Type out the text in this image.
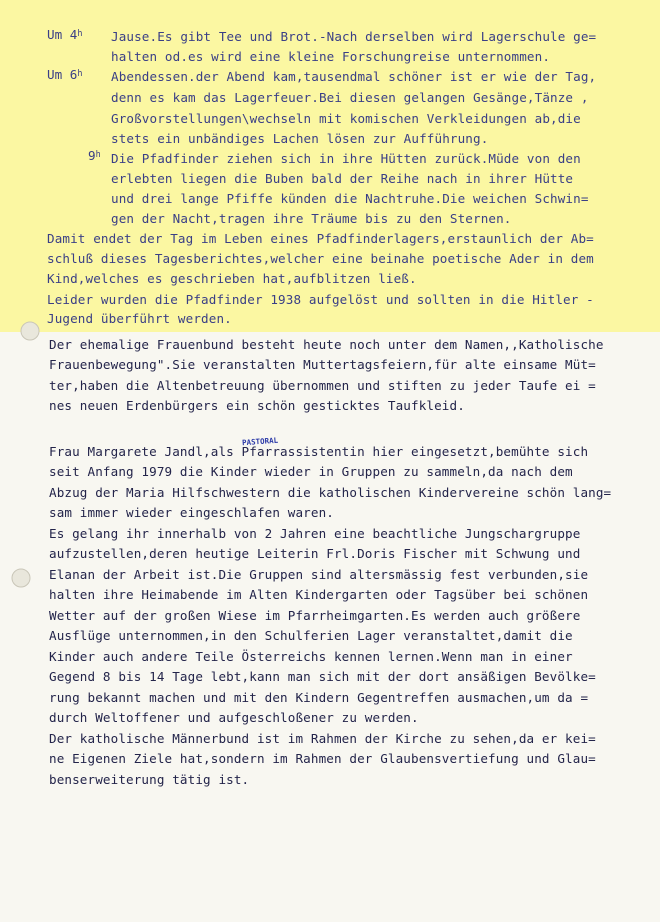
Um 4$^h$ Jause.Es gibt Tee und Brot.-Nach derselben wird Lagerschule ge=
halten od.es wird eine kleine Forschungreise unternommen.
Um 6$^h$ Abendessen.der Abend kam,tausendmal schöner ist er wie der Tag,
denn es kam das Lagerfeuer.Bei diesen gelangen Gesänge,Tänze ,
Großvorstellungen\wechseln mit komischen Verkleidungen ab,die
stets ein unbändiges Lachen lösen zur Aufführung.
9$^h$ Die Pfadfinder ziehen sich in ihre Hütten zurück.Müde von den
erlebten liegen die Buben bald der Reihe nach in ihrer Hütte
und drei lange Pfiffe künden die Nachtruhe.Die weichen Schwin=
gen der Nacht,tragen ihre Träume bis zu den Sternen.
Damit endet der Tag im Leben eines Pfadfinderlagers,erstaunlich der Ab=
schluß dieses Tagesberichtes,welcher eine beinahe poetische Ader in dem
Kind,welches es geschrieben hat,aufblitzen ließ.
Leider wurden die Pfadfinder 1938 aufgelöst und sollten in die Hitler -
Jugend überführt werden.
Der ehemalige Frauenbund besteht heute noch unter dem Namen,,Katholische
Frauenbewegung".Sie veranstalten Muttertagsfeiern,für alte einsame Müt=
ter,haben die Altenbetreuung übernommen und stiften zu jeder Taufe ei =
nes neuen Erdenbürgers ein schön gesticktes Taufkleid.
Frau Margarete Jandl,als Pfarrassistentin hier eingesetzt,bemühte sich
seit Anfang 1979 die Kinder wieder in Gruppen zu sammeln,da nach dem
Abzug der Maria Hilfschwestern die katholischen Kindervereine schön lang=
sam immer wieder eingeschlafen waren.
Es gelang ihr innerhalb von 2 Jahren eine beachtliche Jungschargruppe
aufzustellen,deren heutige Leiterin Frl.Doris Fischer mit Schwung und
Elanan der Arbeit ist.Die Gruppen sind altersmässig fest verbunden,sie
halten ihre Heimabende im Alten Kindergarten oder Tagsüber bei schönen
Wetter auf der großen Wiese im Pfarrheimgarten.Es werden auch größere
Ausflüge unternommen,in den Schulferien Lager veranstaltet,damit die
Kinder auch andere Teile Österreichs kennen lernen.Wenn man in einer
Gegend 8 bis 14 Tage lebt,kann man sich mit der dort ansäßigen Bevölke=
rung bekannt machen und mit den Kindern Gegentreffen ausmachen,um da =
durch Weltoffener und aufgeschloßener zu werden.
Der katholische Männerbund ist im Rahmen der Kirche zu sehen,da er kei=
ne Eigenen Ziele hat,sondern im Rahmen der Glaubensvertiefung und Glau=
benserweiterung tätig ist.
PASTORAL
